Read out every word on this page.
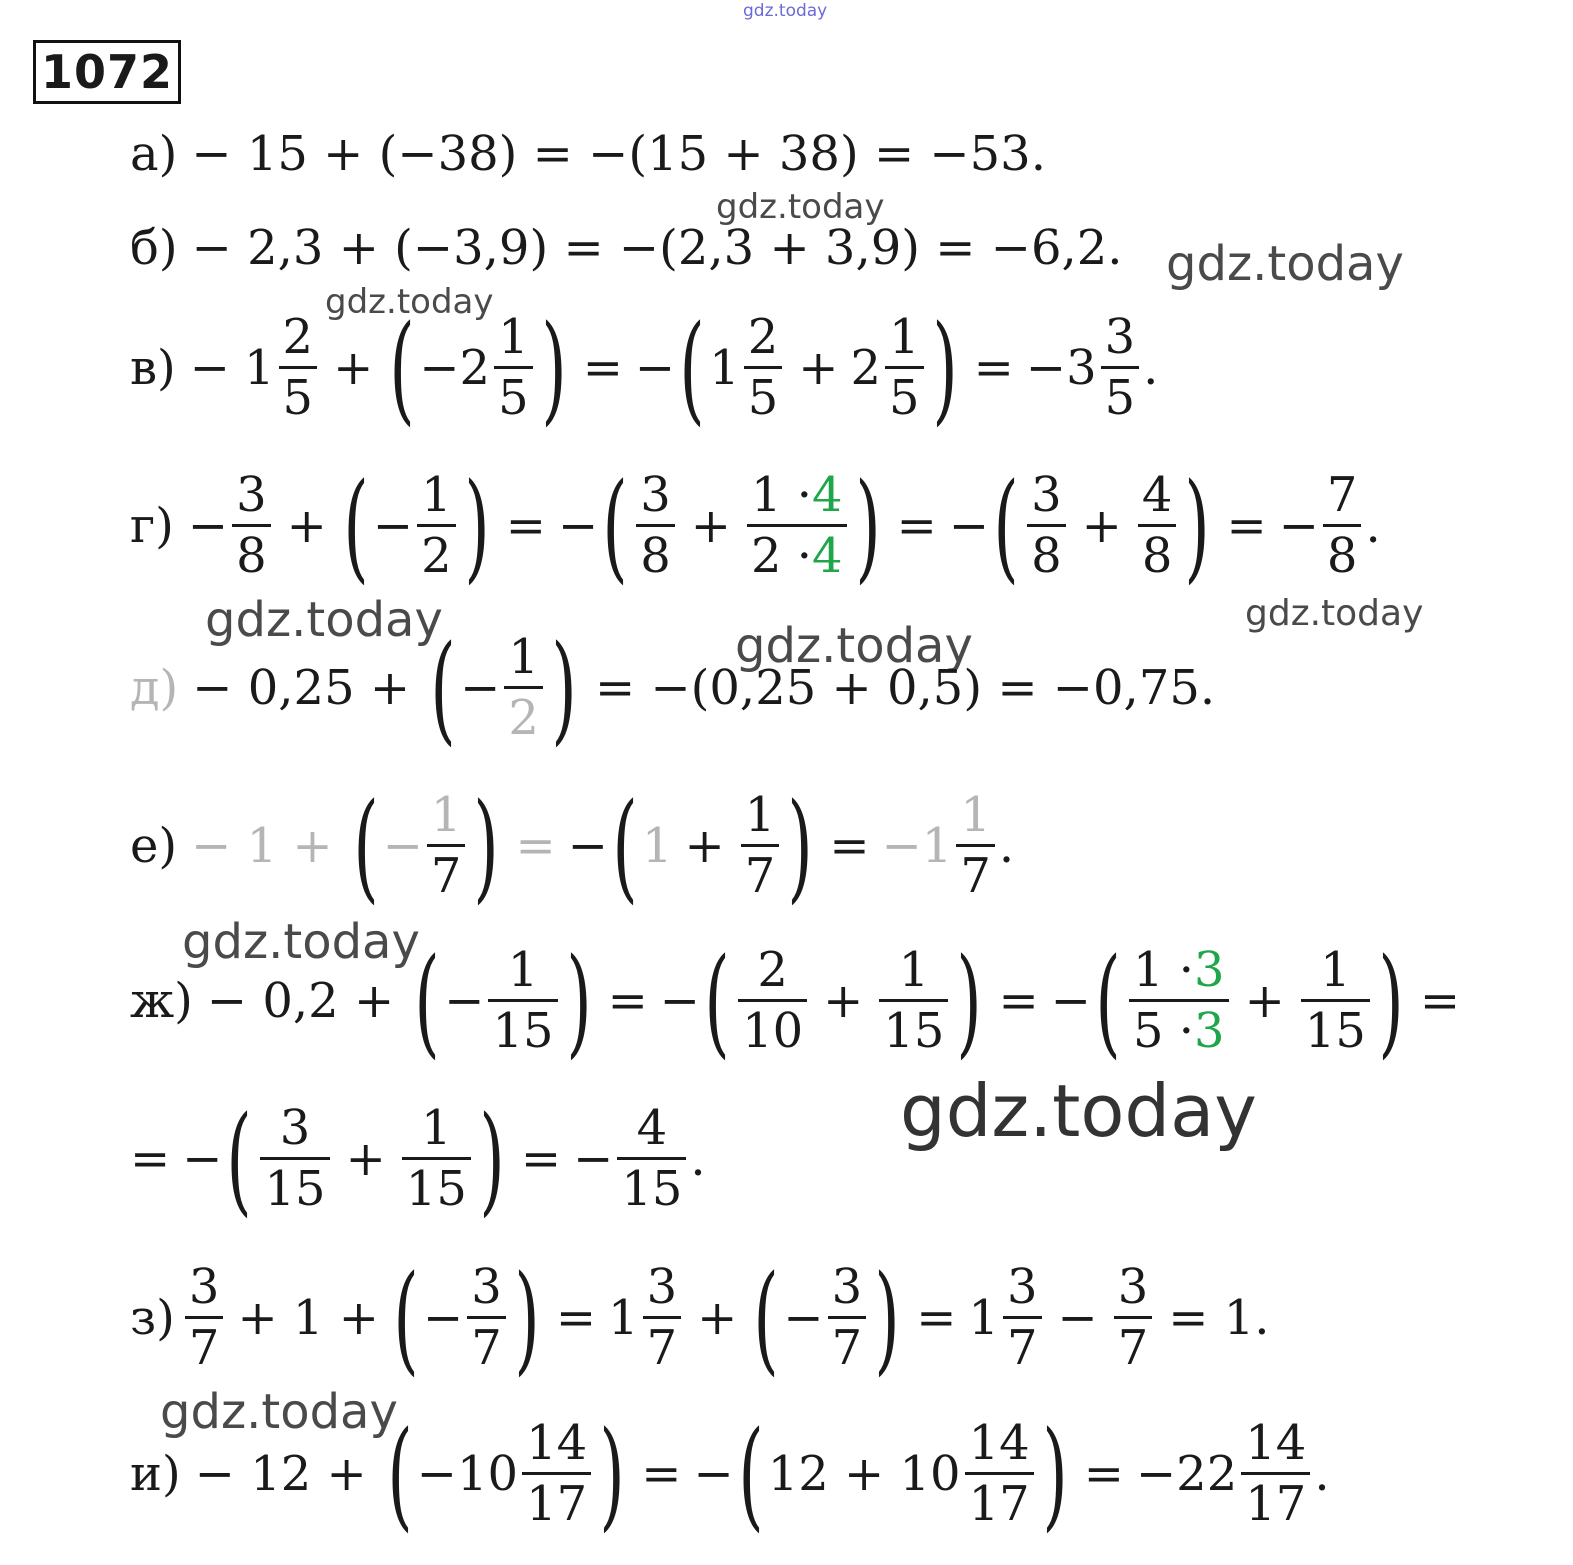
gdz.today
gdz.today
gdz.today
gdz.today
gdz.today	gdz.today
gdz.today
gdz.today
gdz.today
gdz.today
1072
а) − 15 + (−38) = −(15 + 38) = −53.
б) − 2,3 + (−3,9) = −(2,3 + 3,9) = −6,2.
$в) - 1 \frac{2}{5}$ + ( $-2 \frac{1}{5}$ ) = − ( $1 \frac{2}{5} + 2 \frac{1}{5}$ ) = $-3 \frac{3}{5}$ .
$г) - \frac{3}{8}$ + ( − $\frac{1}{2}$ ) = − ( $\frac{3}{8} + \frac{1 \cdot 4}{2 \cdot 4}$ ) = − ( $\frac{3}{8} + \frac{4}{8}$ ) = − $\frac{7}{8}$ .
д) − 0,25 + ( − $\frac{1}{2}$ ) = −(0,25 + 0,5) = −0,75.
е) − 1 + ( − $\frac{1}{7}$ ) = − ( $1 + \frac{1}{7}$ ) = $-1 \frac{1}{7}$ .
ж) − 0,2 + ( − $\frac{1}{15}$ ) = − ( $\frac{2}{10} + \frac{1}{15}$ ) = − ( $\frac{1 \cdot 3}{5 \cdot 3} + \frac{1}{15}$ ) =
= − ( $\frac{3}{15} + \frac{1}{15}$ ) = − $\frac{4}{15}$ .
$з) \frac{3}{7} + 1$ + ( − $\frac{3}{7}$ ) = $1 \frac{3}{7}$ + ( − $\frac{3}{7}$ ) = $1 \frac{3}{7} - \frac{3}{7} = 1$.
и) − 12 + ( $-10 \frac{14}{17}$ ) = − ( $12 + 10 \frac{14}{17}$ ) = $-22 \frac{14}{17}$ .
